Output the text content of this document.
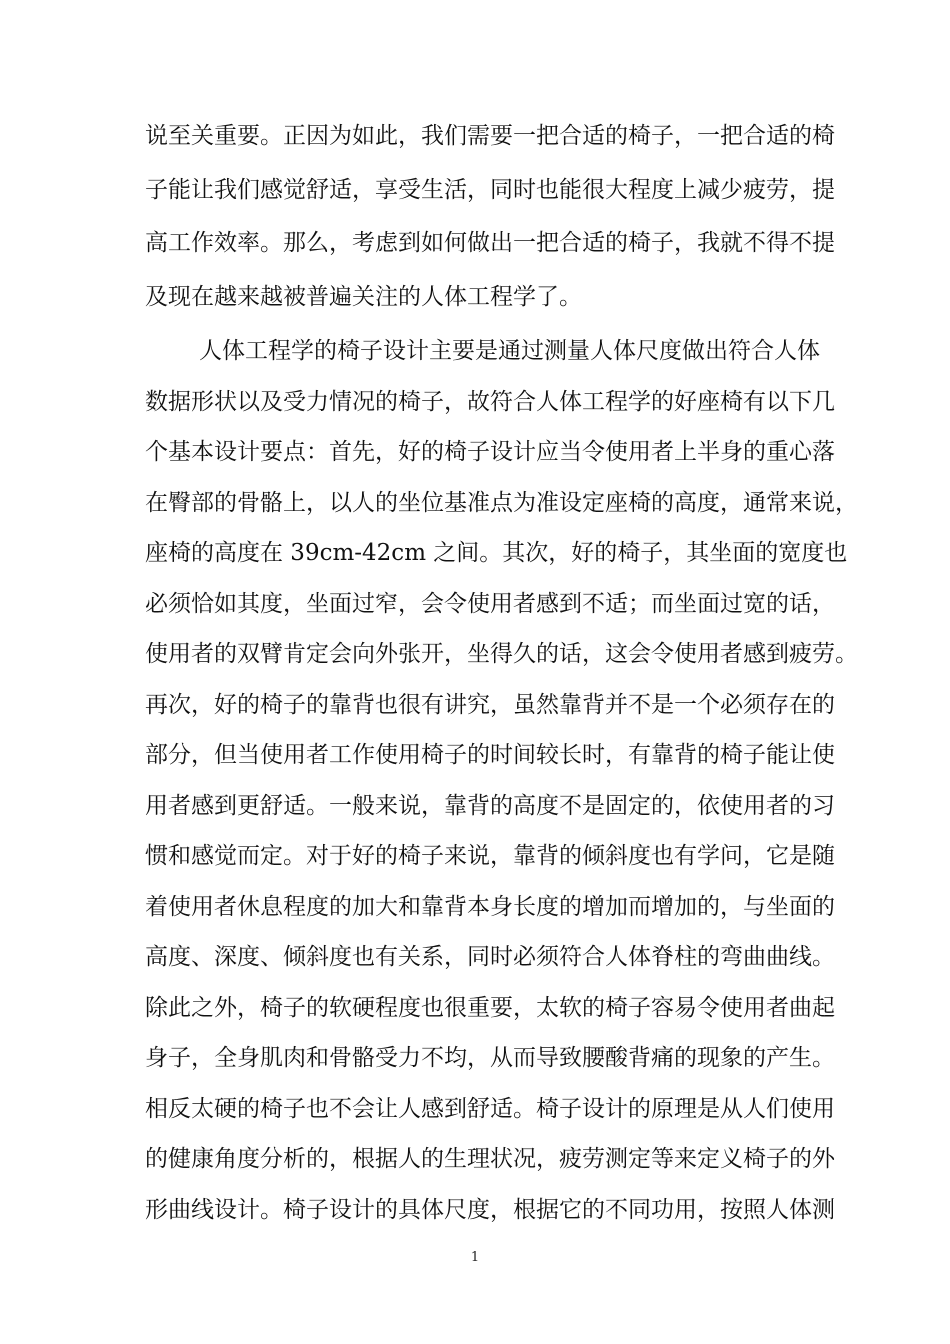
说至关重要。正因为如此，我们需要一把合适的椅子，一把合适的椅
子能让我们感觉舒适，享受生活，同时也能很大程度上减少疲劳，提
高工作效率。那么，考虑到如何做出一把合适的椅子，我就不得不提
及现在越来越被普遍关注的人体工程学了。
人体工程学的椅子设计主要是通过测量人体尺度做出符合人体
数据形状以及受力情况的椅子，故符合人体工程学的好座椅有以下几
个基本设计要点：首先，好的椅子设计应当令使用者上半身的重心落
在臀部的骨骼上，以人的坐位基准点为准设定座椅的高度，通常来说，
座椅的高度在 39cm-42cm 之间。其次，好的椅子，其坐面的宽度也
必须恰如其度，坐面过窄，会令使用者感到不适；而坐面过宽的话，
使用者的双臂肯定会向外张开，坐得久的话，这会令使用者感到疲劳。
再次，好的椅子的靠背也很有讲究，虽然靠背并不是一个必须存在的
部分，但当使用者工作使用椅子的时间较长时，有靠背的椅子能让使
用者感到更舒适。一般来说，靠背的高度不是固定的，依使用者的习
惯和感觉而定。对于好的椅子来说，靠背的倾斜度也有学问，它是随
着使用者休息程度的加大和靠背本身长度的增加而增加的，与坐面的
高度、深度、倾斜度也有关系，同时必须符合人体脊柱的弯曲曲线。
除此之外，椅子的软硬程度也很重要，太软的椅子容易令使用者曲起
身子，全身肌肉和骨骼受力不均，从而导致腰酸背痛的现象的产生。
相反太硬的椅子也不会让人感到舒适。椅子设计的原理是从人们使用
的健康角度分析的，根据人的生理状况，疲劳测定等来定义椅子的外
1
形曲线设计。椅子设计的具体尺度，根据它的不同功用，按照人体测
